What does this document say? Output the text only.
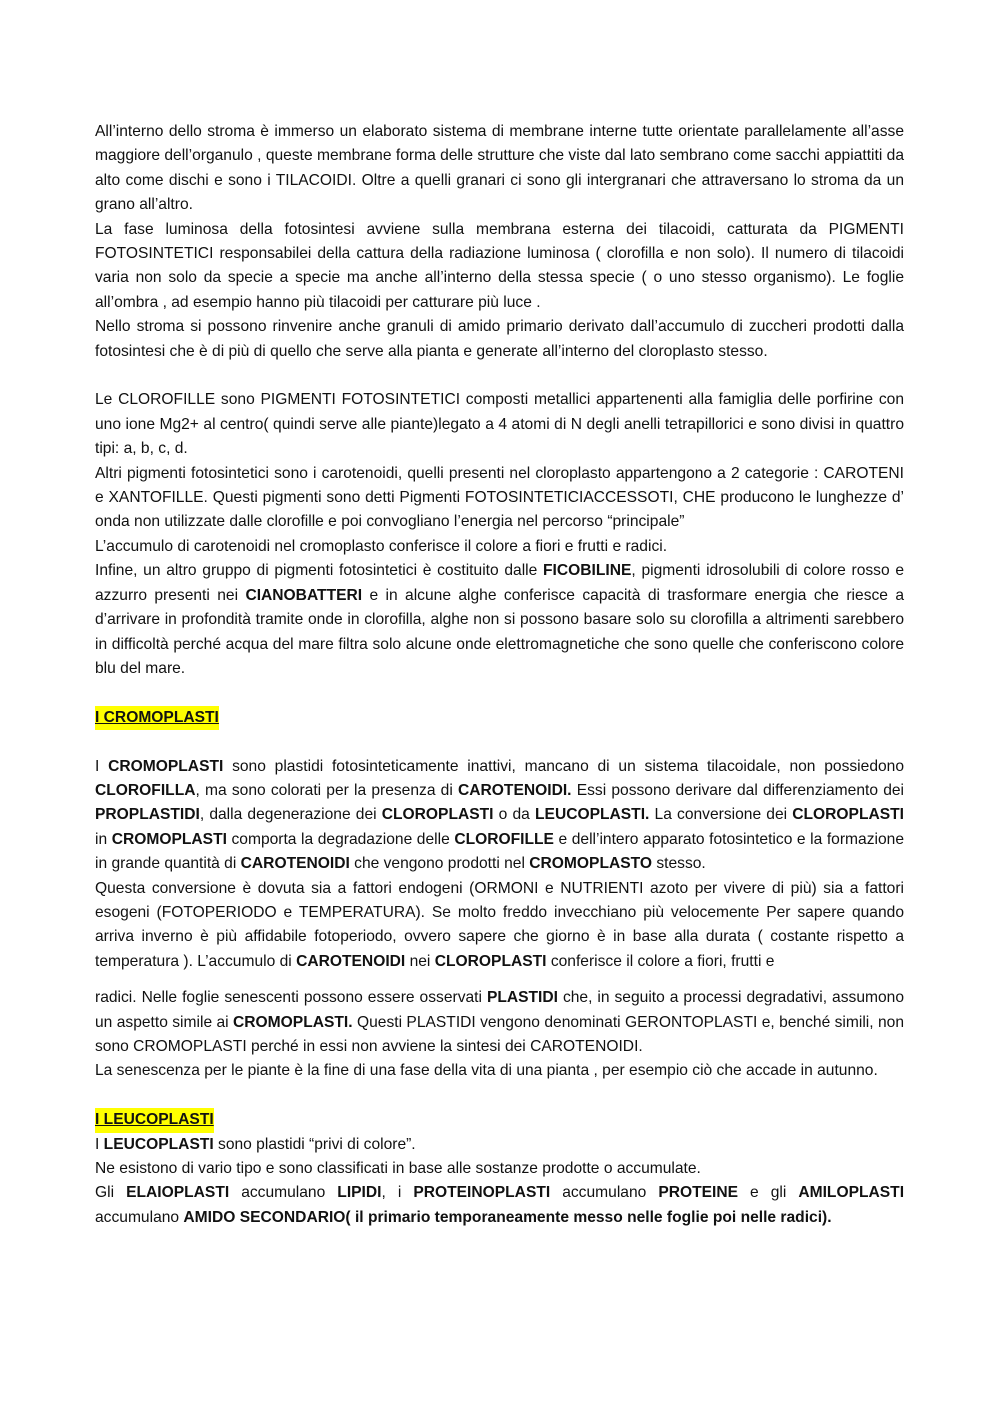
All’interno dello stroma è immerso un elaborato sistema di membrane interne tutte orientate parallelamente all’asse maggiore dell’organulo , queste membrane forma delle strutture che viste dal lato sembrano come sacchi appiattiti da alto come dischi e sono i TILACOIDI. Oltre a quelli granari ci sono gli intergranari che attraversano lo stroma da un grano all’altro.

La fase luminosa della fotosintesi avviene sulla membrana esterna dei tilacoidi, catturata da PIGMENTI FOTOSINTETICI responsabilei della cattura della radiazione luminosa ( clorofilla e non solo). Il numero di tilacoidi varia non solo da specie a specie ma anche all’interno della stessa specie ( o uno stesso organismo). Le foglie all’ombra , ad esempio hanno più tilacoidi per catturare più luce .

Nello stroma si possono rinvenire anche granuli di amido primario derivato dall’accumulo di zuccheri prodotti dalla fotosintesi che è di più di quello che serve alla pianta e generate all’interno del cloroplasto stesso.

Le CLOROFILLE sono PIGMENTI FOTOSINTETICI composti metallici appartenenti alla famiglia delle porfirine con uno ione Mg2+ al centro( quindi serve alle piante)legato a 4 atomi di N degli anelli tetrapillorici e sono divisi in quattro tipi: a, b, c, d.

Altri pigmenti fotosintetici sono i carotenoidi, quelli presenti nel cloroplasto appartengono a 2 categorie : CAROTENI e XANTOFILLE. Questi pigmenti sono detti Pigmenti FOTOSINTETICIACCESSOTI, CHE producono le lunghezze d’ onda non utilizzate dalle clorofille e poi convogliano l’energia nel percorso “principale”

L’accumulo di carotenoidi nel cromoplasto conferisce il colore a fiori e frutti e radici.

Infine, un altro gruppo di pigmenti fotosintetici è costituito dalle FICOBILINE, pigmenti idrosolubili di colore rosso e azzurro presenti nei CIANOBATTERI e in alcune alghe conferisce capacità di trasformare energia che riesce a d’arrivare in profondità tramite onde in clorofilla, alghe non si possono basare solo su clorofilla a altrimenti sarebbero in difficoltà perché acqua del mare filtra solo alcune onde elettromagnetiche che sono quelle che conferiscono colore blu del mare.

I CROMOPLASTI

I CROMOPLASTI sono plastidi fotosinteticamente inattivi, mancano di un sistema tilacoidale, non possiedono CLOROFILLA, ma sono colorati per la presenza di CAROTENOIDI. Essi possono derivare dal differenziamento dei PROPLASTIDI, dalla degenerazione dei CLOROPLASTI o da LEUCOPLASTI. La conversione dei CLOROPLASTI in CROMOPLASTI comporta la degradazione delle CLOROFILLE e dell’intero apparato fotosintetico e la formazione in grande quantità di CAROTENOIDI che vengono prodotti nel CROMOPLASTO stesso.

Questa conversione è dovuta sia a fattori endogeni (ORMONI e NUTRIENTI azoto per vivere di più) sia a fattori esogeni (FOTOPERIODO e TEMPERATURA). Se molto freddo invecchiano più velocemente Per sapere quando arriva inverno è più affidabile fotoperiodo, ovvero sapere che giorno è in base alla durata ( costante rispetto a temperatura ). L’accumulo di CAROTENOIDI nei CLOROPLASTI conferisce il colore a fiori, frutti e

radici. Nelle foglie senescenti possono essere osservati PLASTIDI che, in seguito a processi degradativi, assumono un aspetto simile ai CROMOPLASTI. Questi PLASTIDI vengono denominati GERONTOPLASTI e, benché simili, non sono CROMOPLASTI perché in essi non avviene la sintesi dei CAROTENOIDI.

La senescenza per le piante è la fine di una fase della vita di una pianta , per esempio ciò che accade in autunno.

I LEUCOPLASTI

I LEUCOPLASTI sono plastidi “privi di colore”.

Ne esistono di vario tipo e sono classificati in base alle sostanze prodotte o accumulate.

Gli ELAIOPLASTI accumulano LIPIDI, i PROTEINOPLASTI accumulano PROTEINE e gli AMILOPLASTI accumulano AMIDO SECONDARIO( il primario temporaneamente messo nelle foglie poi nelle radici).
